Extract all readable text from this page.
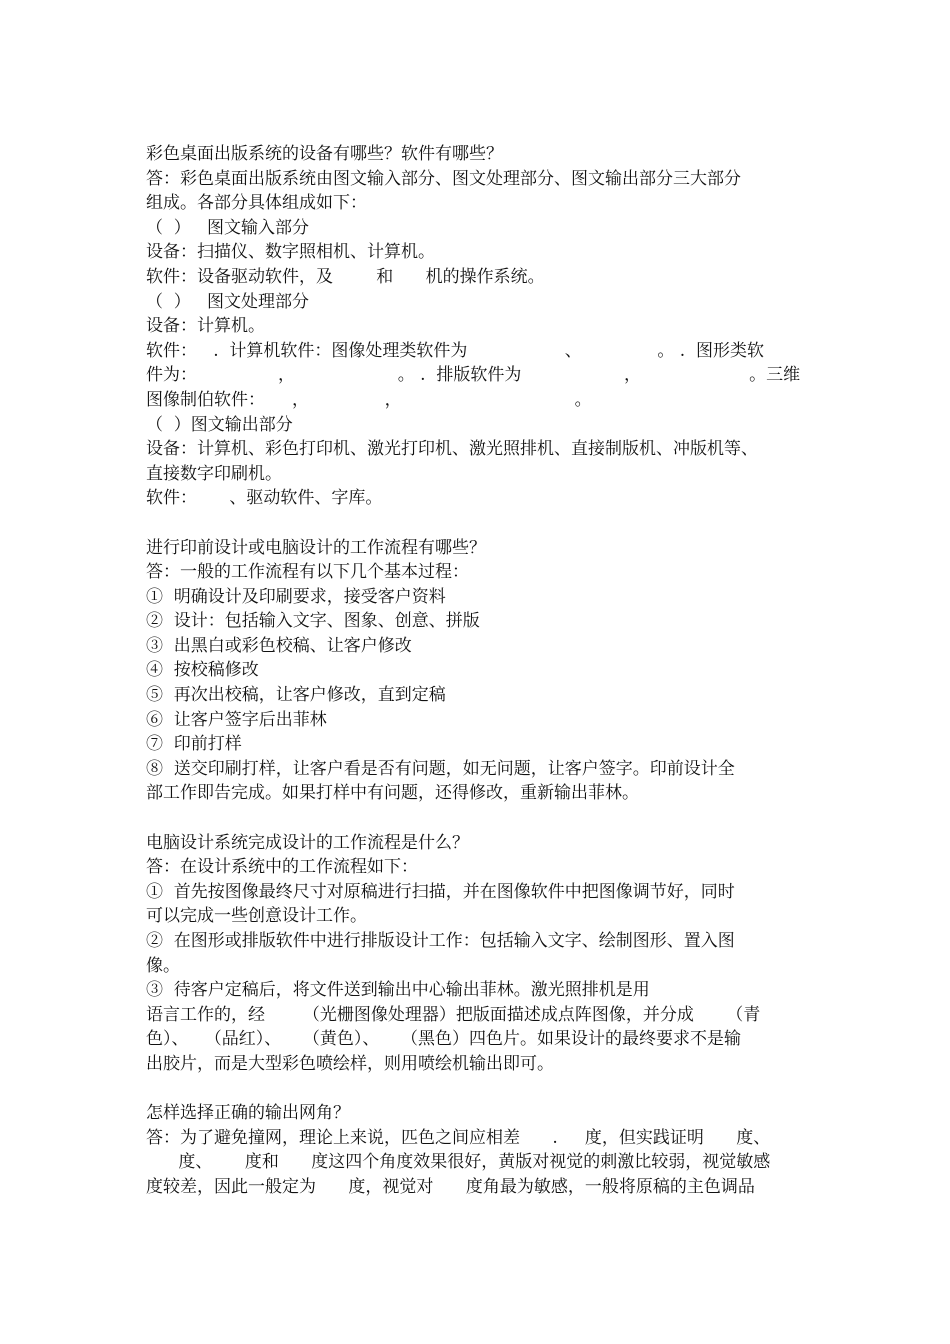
彩色桌面出版系统的设备有哪些？软件有哪些？
答：彩色桌面出版系统由图文输入部分、图文处理部分、图文输出部分三大部分
组成。各部分具体组成如下：
（  ）   图文输入部分
设备：扫描仪、数字照相机、计算机。
软件：设备驱动软件，及        和      机的操作系统。
（  ）   图文处理部分
设备：计算机。
软件：   .  计算机软件：图像处理类软件为                  、              。 .  图形类软
件为：               ，                   。 .  排版软件为                   ，                    。三维
图像制伯软件：     ，              ，                                。
（  ）图文输出部分
设备：计算机、彩色打印机、激光打印机、激光照排机、直接制版机、冲版机等、
直接数字印刷机。
软件：      、驱动软件、字库。
进行印前设计或电脑设计的工作流程有哪些？
答：一般的工作流程有以下几个基本过程：
①  明确设计及印刷要求，接受客户资料
②  设计：包括输入文字、图象、创意、拼版
③  出黑白或彩色校稿、让客户修改
④  按校稿修改
⑤  再次出校稿，让客户修改，直到定稿
⑥  让客户签字后出菲林
⑦  印前打样
⑧  送交印刷打样，让客户看是否有问题，如无问题，让客户签字。印前设计全
部工作即告完成。如果打样中有问题，还得修改，重新输出菲林。
电脑设计系统完成设计的工作流程是什么？
答：在设计系统中的工作流程如下：
①  首先按图像最终尺寸对原稿进行扫描，并在图像软件中把图像调节好，同时
可以完成一些创意设计工作。
②  在图形或排版软件中进行排版设计工作：包括输入文字、绘制图形、置入图
像。
③  待客户定稿后，将文件送到输出中心输出菲林。激光照排机是用
语言工作的，经       （光栅图像处理器）把版面描述成点阵图像，并分成      （青
色）、   （品红）、    （黄色）、    （黑色）四色片。如果设计的最终要求不是输
出胶片，而是大型彩色喷绘样，则用喷绘机输出即可。
怎样选择正确的输出网角？
答：为了避免撞网，理论上来说，匹色之间应相差      .     度，但实践证明      度、
度、      度和      度这四个角度效果很好，黄版对视觉的刺激比较弱，视觉敏感
度较差，因此一般定为      度，视觉对      度角最为敏感，一般将原稿的主色调品
